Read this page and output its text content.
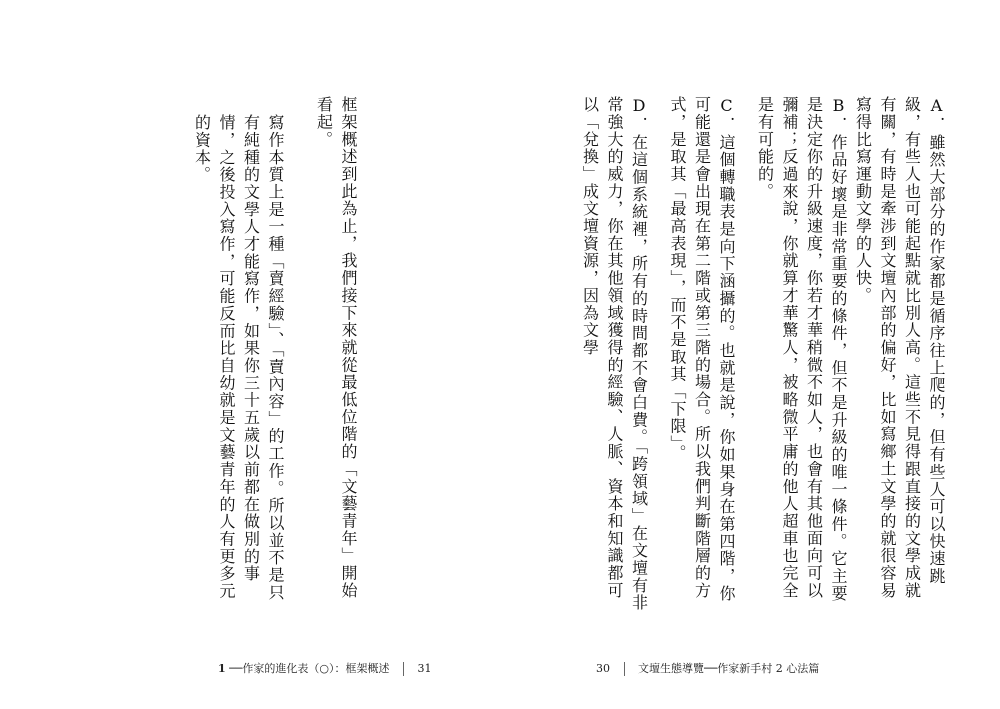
框架概述到此為止，我們接下來就從最低位階的「文藝青年」開始看起。

寫作本質上是一種「賣經驗」、「賣內容」的工作。所以並不是只有純種的文學人才能寫作，如果你三十五歲以前都在做別的事情，之後投入寫作，可能反而比自幼就是文藝青年的人有更多元的資本。

1 ──作家的進化表（○）：框架概述	31

A．雖然大部分的作家都是循序往上爬的，但有些人可以快速跳級，有些人也可能起點就比別人高。這些不見得跟直接的文學成就有關，有時是牽涉到文壇內部的偏好，比如寫鄉土文學的就很容易寫得比寫運動文學的人快。

B．作品好壞是非常重要的條件，但不是升級的唯一條件。它主要是決定你的升級速度，你若才華稍微不如人，也會有其他面向可以彌補；反過來說，你就算才華驚人，被略微平庸的他人超車也完全是有可能的。

C．這個轉職表是向下涵攝的。也就是說，你如果身在第四階，你可能還是會出現在第二階或第三階的場合。所以我們判斷階層的方式，是取其「最高表現」，而不是取其「下限」。

D．在這個系統裡，所有的時間都不會白費。「跨領域」在文壇有非常強大的威力，你在其他領域獲得的經驗、人脈、資本和知識都可以「兌換」成文壇資源，因為文學

30	文壇生態導覽──作家新手村 2 心法篇
